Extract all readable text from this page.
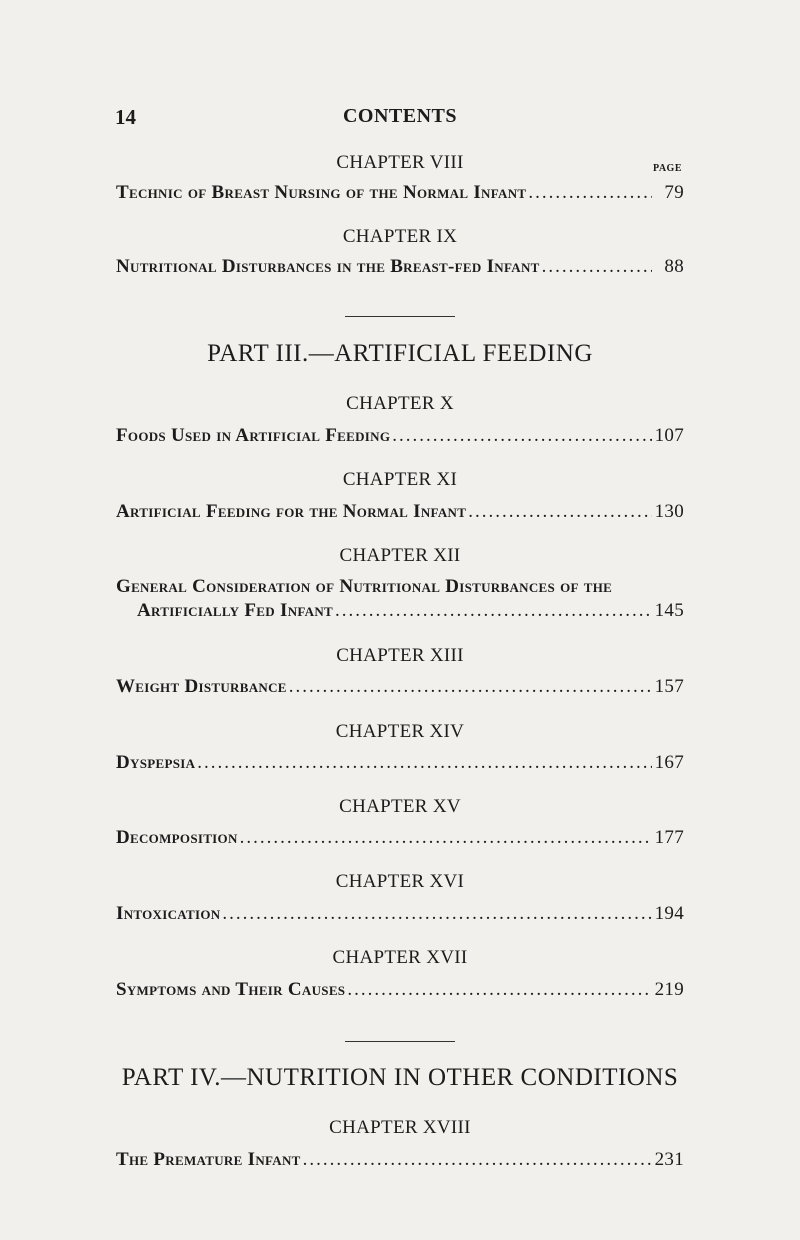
14	CONTENTS
CHAPTER VIII	PAGE
Technic of Breast Nursing of the Normal Infant .....	79
CHAPTER IX
Nutritional Disturbances in the Breast-fed Infant .....	88
PART III.—ARTIFICIAL FEEDING
CHAPTER X
Foods Used in Artificial Feeding .....	107
CHAPTER XI
Artificial Feeding for the Normal Infant .....	130
CHAPTER XII
General Consideration of Nutritional Disturbances of the
Artificially Fed Infant .....	145
CHAPTER XIII
Weight Disturbance .....	157
CHAPTER XIV
Dyspepsia .....	167
CHAPTER XV
Decomposition .....	177
CHAPTER XVI
Intoxication .....	194
CHAPTER XVII
Symptoms and Their Causes .....	219
PART IV.—NUTRITION IN OTHER CONDITIONS
CHAPTER XVIII
The Premature Infant .....	231
